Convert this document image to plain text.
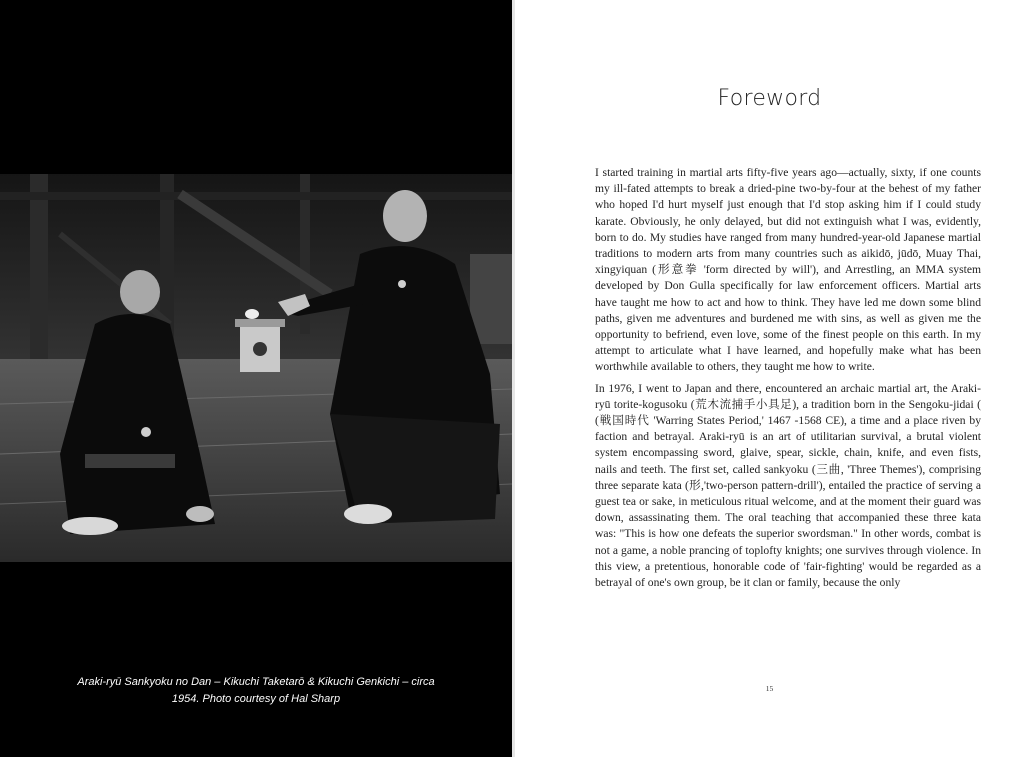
Araki-ryū Sankyoku no Dan – Kikuchi Taketarō & Kikuchi Genkichi – circa
1954. Photo courtesy of Hal Sharp
Foreword

I started training in martial arts fifty-five years ago—actually, sixty, if one counts my ill-fated attempts to break a dried-pine two-by-four at the behest of my father who hoped I'd hurt myself just enough that I'd stop asking him if I could study karate. Obviously, he only delayed, but did not extinguish what I was, evidently, born to do. My studies have ranged from many hundred-year-old Japanese martial traditions to modern arts from many countries such as aikidō, jūdō, Muay Thai, xingyiquan (形意拳 'form directed by will'), and Arrestling, an MMA system developed by Don Gulla specifically for law enforcement officers. Martial arts have taught me how to act and how to think. They have led me down some blind paths, given me adventures and burdened me with sins, as well as given me the opportunity to befriend, even love, some of the finest people on this earth. In my attempt to articulate what I have learned, and hopefully make what has been worthwhile available to others, they taught me how to write.

In 1976, I went to Japan and there, encountered an archaic martial art, the Araki-ryū torite-kogusoku (荒木流捕手小具足), a tradition born in the Sengoku-jidai ( (戦国時代 'Warring States Period,' 1467 -1568 CE), a time and a place riven by faction and betrayal. Araki-ryū is an art of utilitarian survival, a brutal violent system encompassing sword, glaive, spear, sickle, chain, knife, and even fists, nails and teeth. The first set, called sankyoku (三曲, 'Three Themes'), comprising three separate kata (形,'two-person pattern-drill'), entailed the practice of serving a guest tea or sake, in meticulous ritual welcome, and at the moment their guard was down, assassinating them. The oral teaching that accompanied these three kata was: "This is how one defeats the superior swordsman." In other words, combat is not a game, a noble prancing of toplofty knights; one survives through violence. In this view, a pretentious, honorable code of 'fair-fighting' would be regarded as a betrayal of one's own group, be it clan or family, because the only

15
